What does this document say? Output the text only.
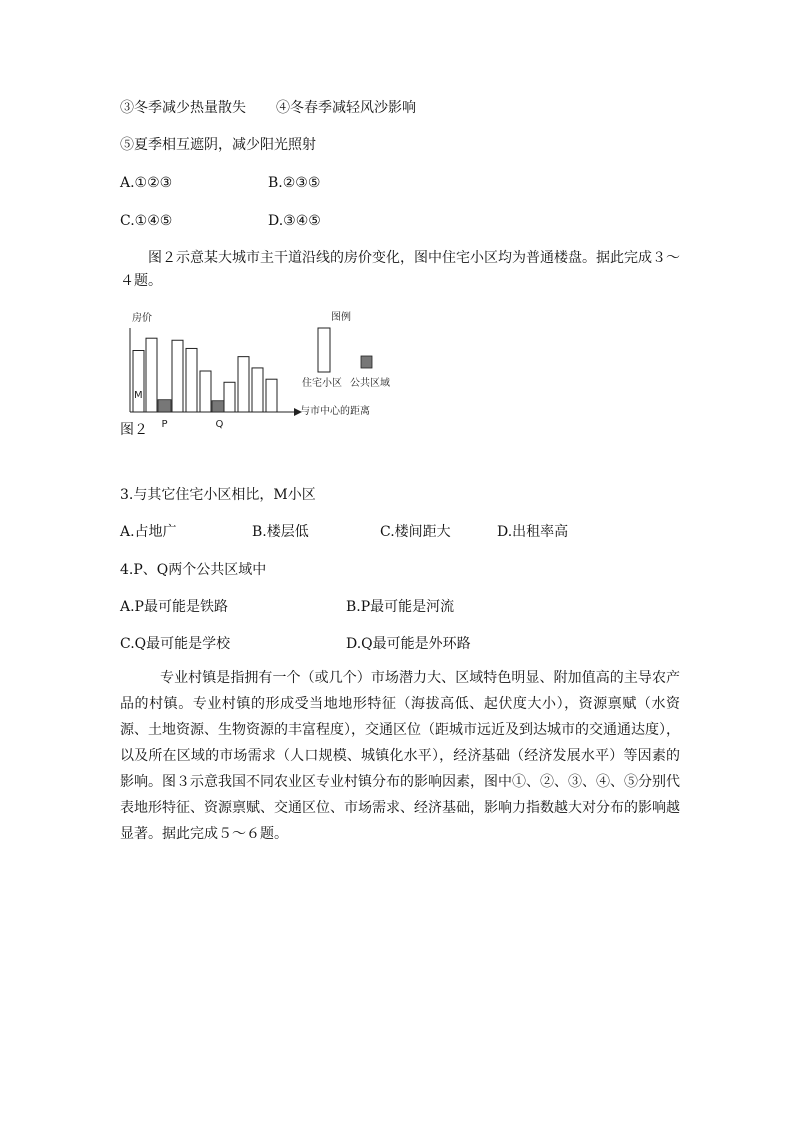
③冬季减少热量散失 ④冬春季减轻风沙影响
⑤夏季相互遮阴，减少阳光照射
A.①②③	B.②③⑤
C.①④⑤	D.③④⑤
图２示意某大城市主干道沿线的房价变化，图中住宅小区均为普通楼盘。据此完成３～
４题。
房价
与市中心的距离
M
P	Q
图例
住宅小区 公共区域
图２
3.与其它住宅小区相比，M小区
A.占地广	B.楼层低	C.楼间距大	D.出租率高
4.P、Q两个公共区域中
A.P最可能是铁路	B.P最可能是河流
C.Q最可能是学校	D.Q最可能是外环路
专业村镇是指拥有一个（或几个）市场潜力大、区域特色明显、附加值高的主导农产品的村镇。专业村镇的形成受当地地形特征（海拔高低、起伏度大小），资源禀赋（水资源、土地资源、生物资源的丰富程度），交通区位（距城市远近及到达城市的交通通达度），以及所在区域的市场需求（人口规模、城镇化水平），经济基础（经济发展水平）等因素的影响。图３示意我国不同农业区专业村镇分布的影响因素，图中①、②、③、④、⑤分别代表地形特征、资源禀赋、交通区位、市场需求、经济基础，影响力指数越大对分布的影响越显著。据此完成５～６题。
